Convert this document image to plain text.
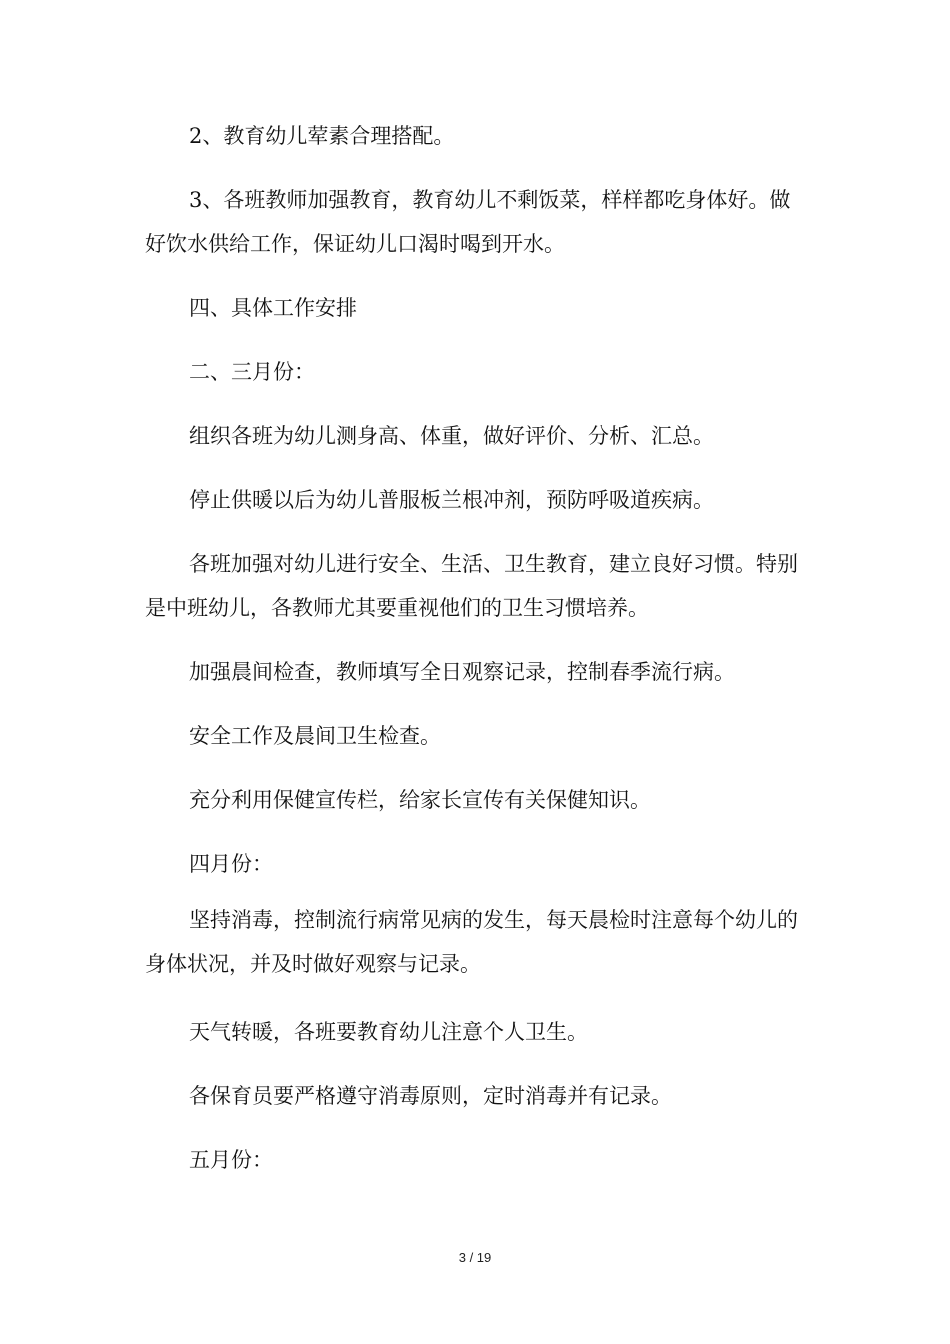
2、教育幼儿荤素合理搭配。

3、各班教师加强教育，教育幼儿不剩饭菜，样样都吃身体好。做好饮水供给工作，保证幼儿口渴时喝到开水。

四、具体工作安排

二、三月份：

组织各班为幼儿测身高、体重，做好评价、分析、汇总。

停止供暖以后为幼儿普服板兰根冲剂，预防呼吸道疾病。

各班加强对幼儿进行安全、生活、卫生教育，建立良好习惯。特别是中班幼儿，各教师尤其要重视他们的卫生习惯培养。

加强晨间检查，教师填写全日观察记录，控制春季流行病。

安全工作及晨间卫生检查。

充分利用保健宣传栏，给家长宣传有关保健知识。

四月份：

坚持消毒，控制流行病常见病的发生，每天晨检时注意每个幼儿的身体状况，并及时做好观察与记录。

天气转暖，各班要教育幼儿注意个人卫生。

各保育员要严格遵守消毒原则，定时消毒并有记录。

五月份：

3 / 19
